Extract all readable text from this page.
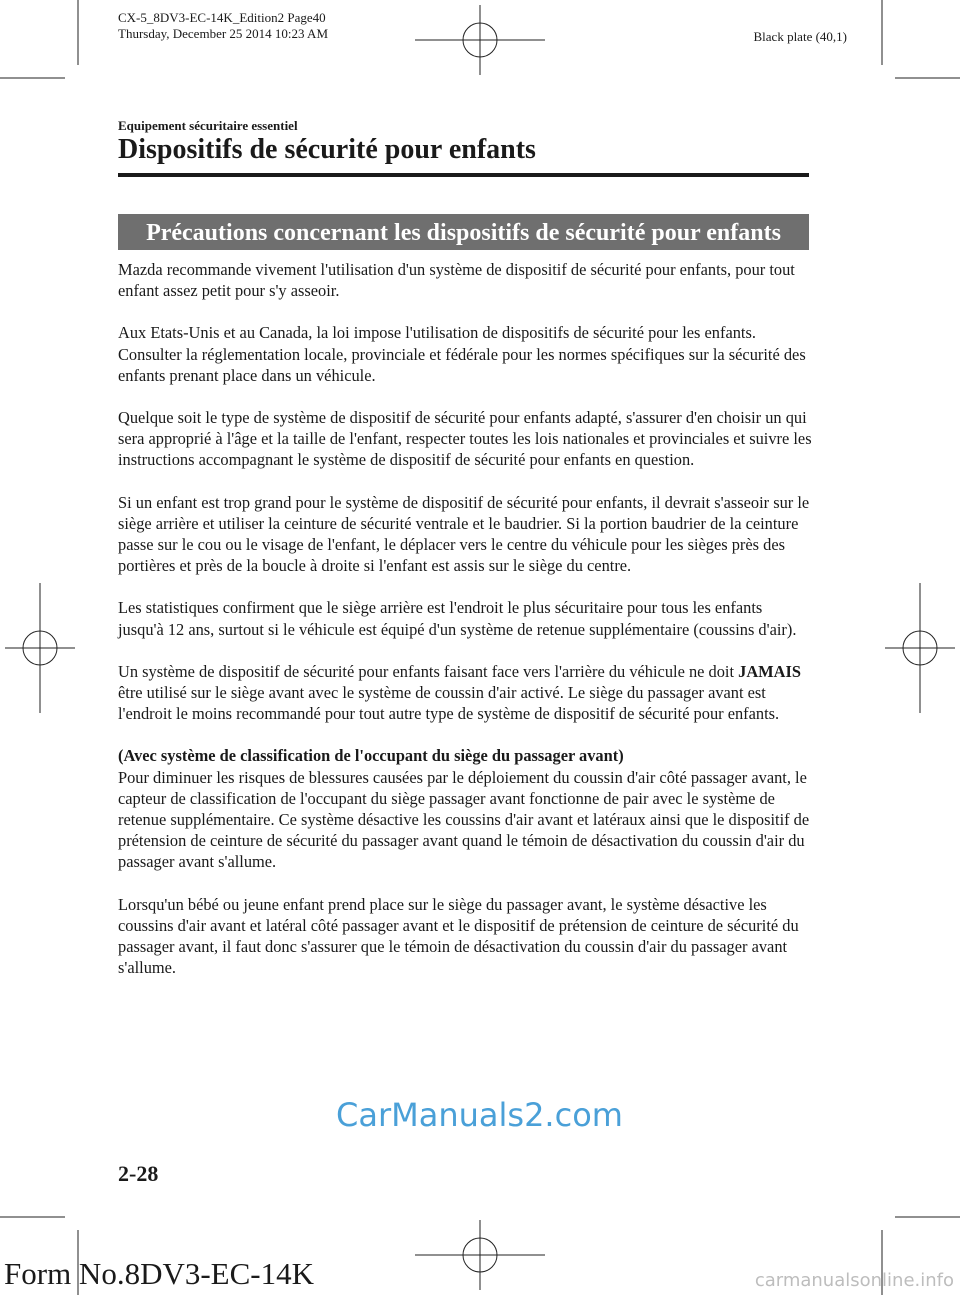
CX-5_8DV3-EC-14K_Edition2 Page40
Thursday, December 25 2014 10:23 AM	Black plate (40,1)
Equipement sécuritaire essentiel
Dispositifs de sécurité pour enfants
Précautions concernant les dispositifs de sécurité pour enfants

Mazda recommande vivement l'utilisation d'un système de dispositif de sécurité pour enfants, pour tout enfant assez petit pour s'y asseoir.

Aux Etats-Unis et au Canada, la loi impose l'utilisation de dispositifs de sécurité pour les enfants.
Consulter la réglementation locale, provinciale et fédérale pour les normes spécifiques sur la sécurité des enfants prenant place dans un véhicule.

Quelque soit le type de système de dispositif de sécurité pour enfants adapté, s'assurer d'en choisir un qui sera approprié à l'âge et la taille de l'enfant, respecter toutes les lois nationales et provinciales et suivre les instructions accompagnant le système de dispositif de sécurité pour enfants en question.

Si un enfant est trop grand pour le système de dispositif de sécurité pour enfants, il devrait s'asseoir sur le siège arrière et utiliser la ceinture de sécurité ventrale et le baudrier. Si la portion baudrier de la ceinture passe sur le cou ou le visage de l'enfant, le déplacer vers le centre du véhicule pour les sièges près des portières et près de la boucle à droite si l'enfant est assis sur le siège du centre.

Les statistiques confirment que le siège arrière est l'endroit le plus sécuritaire pour tous les enfants jusqu'à 12 ans, surtout si le véhicule est équipé d'un système de retenue supplémentaire (coussins d'air).

Un système de dispositif de sécurité pour enfants faisant face vers l'arrière du véhicule ne doit JAMAIS être utilisé sur le siège avant avec le système de coussin d'air activé. Le siège du passager avant est l'endroit le moins recommandé pour tout autre type de système de dispositif de sécurité pour enfants.

(Avec système de classification de l'occupant du siège du passager avant)
Pour diminuer les risques de blessures causées par le déploiement du coussin d'air côté passager avant, le capteur de classification de l'occupant du siège passager avant fonctionne de pair avec le système de retenue supplémentaire. Ce système désactive les coussins d'air avant et latéraux ainsi que le dispositif de prétension de ceinture de sécurité du passager avant quand le témoin de désactivation du coussin d'air du passager avant s'allume.

Lorsqu'un bébé ou jeune enfant prend place sur le siège du passager avant, le système désactive les coussins d'air avant et latéral côté passager avant et le dispositif de prétension de ceinture de sécurité du passager avant, il faut donc s'assurer que le témoin de désactivation du coussin d'air du passager avant s'allume.

CarManuals2.com
2-28
Form No.8DV3-EC-14K	carmanualsonline.info
